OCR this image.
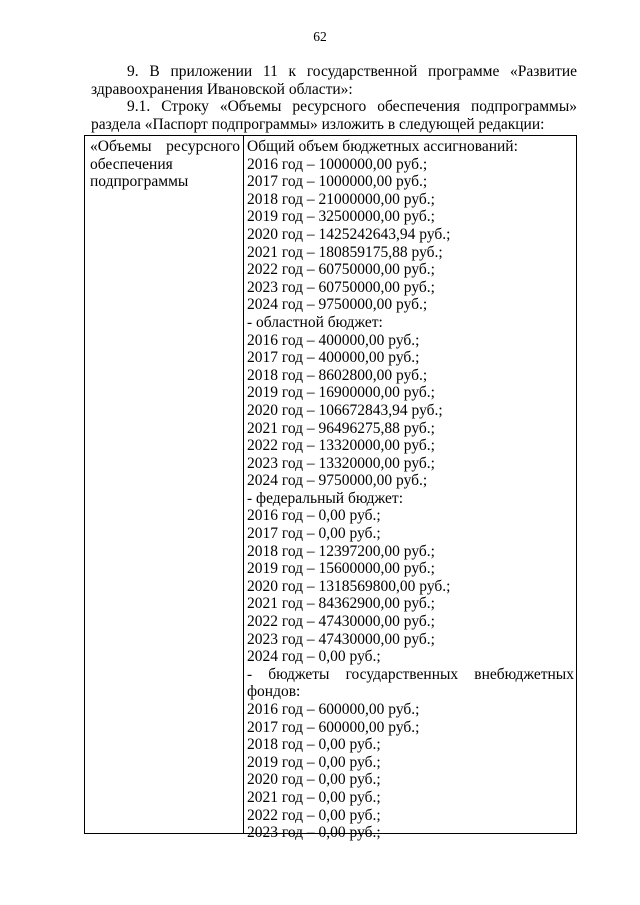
62
9. В приложении 11 к государственной программе «Развитие здравоохранения Ивановской области»:
9.1. Строку «Объемы ресурсного обеспечения подпрограммы» раздела «Паспорт подпрограммы» изложить в следующей редакции:
«Объемы ресурсного
обеспечения
подпрограммы
Общий объем бюджетных ассигнований:
2016 год – 1000000,00 руб.;
2017 год – 1000000,00 руб.;
2018 год – 21000000,00 руб.;
2019 год – 32500000,00 руб.;
2020 год – 1425242643,94 руб.;
2021 год – 180859175,88 руб.;
2022 год – 60750000,00 руб.;
2023 год – 60750000,00 руб.;
2024 год – 9750000,00 руб.;
- областной бюджет:
2016 год – 400000,00 руб.;
2017 год – 400000,00 руб.;
2018 год – 8602800,00 руб.;
2019 год – 16900000,00 руб.;
2020 год – 106672843,94 руб.;
2021 год – 96496275,88 руб.;
2022 год – 13320000,00 руб.;
2023 год – 13320000,00 руб.;
2024 год – 9750000,00 руб.;
- федеральный бюджет:
2016 год – 0,00 руб.;
2017 год – 0,00 руб.;
2018 год – 12397200,00 руб.;
2019 год – 15600000,00 руб.;
2020 год – 1318569800,00 руб.;
2021 год – 84362900,00 руб.;
2022 год – 47430000,00 руб.;
2023 год – 47430000,00 руб.;
2024 год – 0,00 руб.;
- бюджеты государственных внебюджетных
фондов:
2016 год – 600000,00 руб.;
2017 год – 600000,00 руб.;
2018 год – 0,00 руб.;
2019 год – 0,00 руб.;
2020 год – 0,00 руб.;
2021 год – 0,00 руб.;
2022 год – 0,00 руб.;
2023 год – 0,00 руб.;
